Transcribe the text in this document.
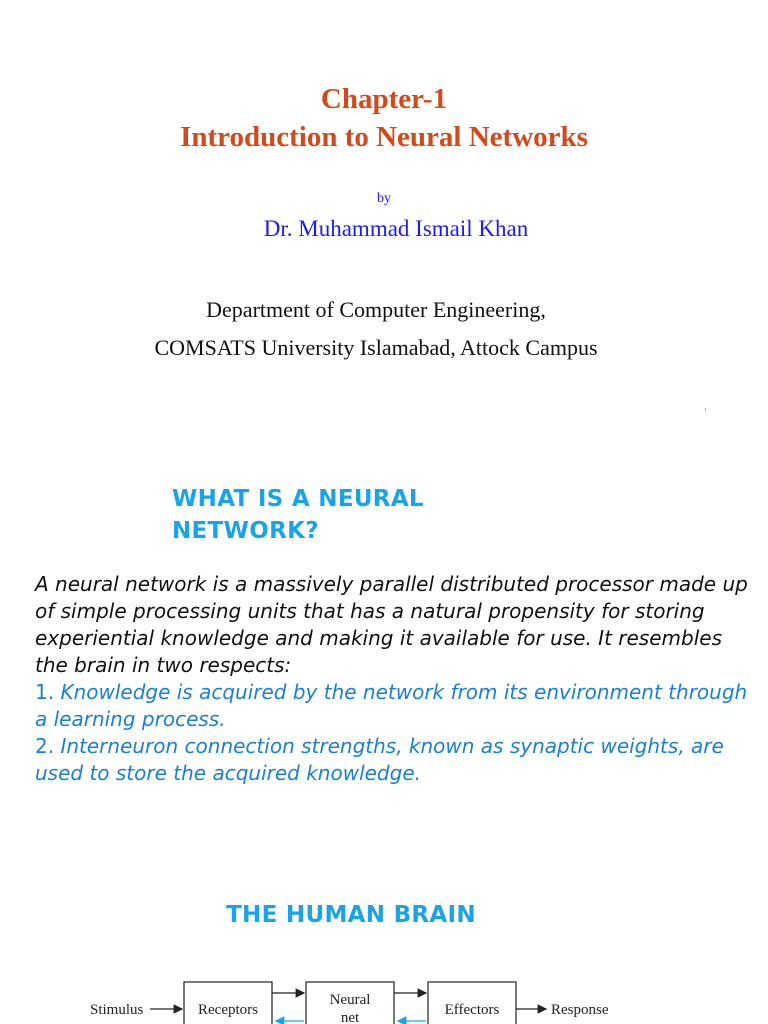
Chapter-1
Introduction to Neural Networks
by
Dr. Muhammad Ismail Khan
Department of Computer Engineering,
COMSATS University Islamabad, Attock Campus
1
WHAT IS A NEURAL
NETWORK?
A neural network is a massively parallel distributed processor made up of simple processing units that has a natural propensity for storing experiential knowledge and making it available for use. It resembles the brain in two respects:
1. Knowledge is acquired by the network from its environment through a learning process.
2. Interneuron connection strengths, known as synaptic weights, are used to store the acquired knowledge.
THE HUMAN BRAIN
Stimulus	Receptors
Neural
net	Effectors	Response
